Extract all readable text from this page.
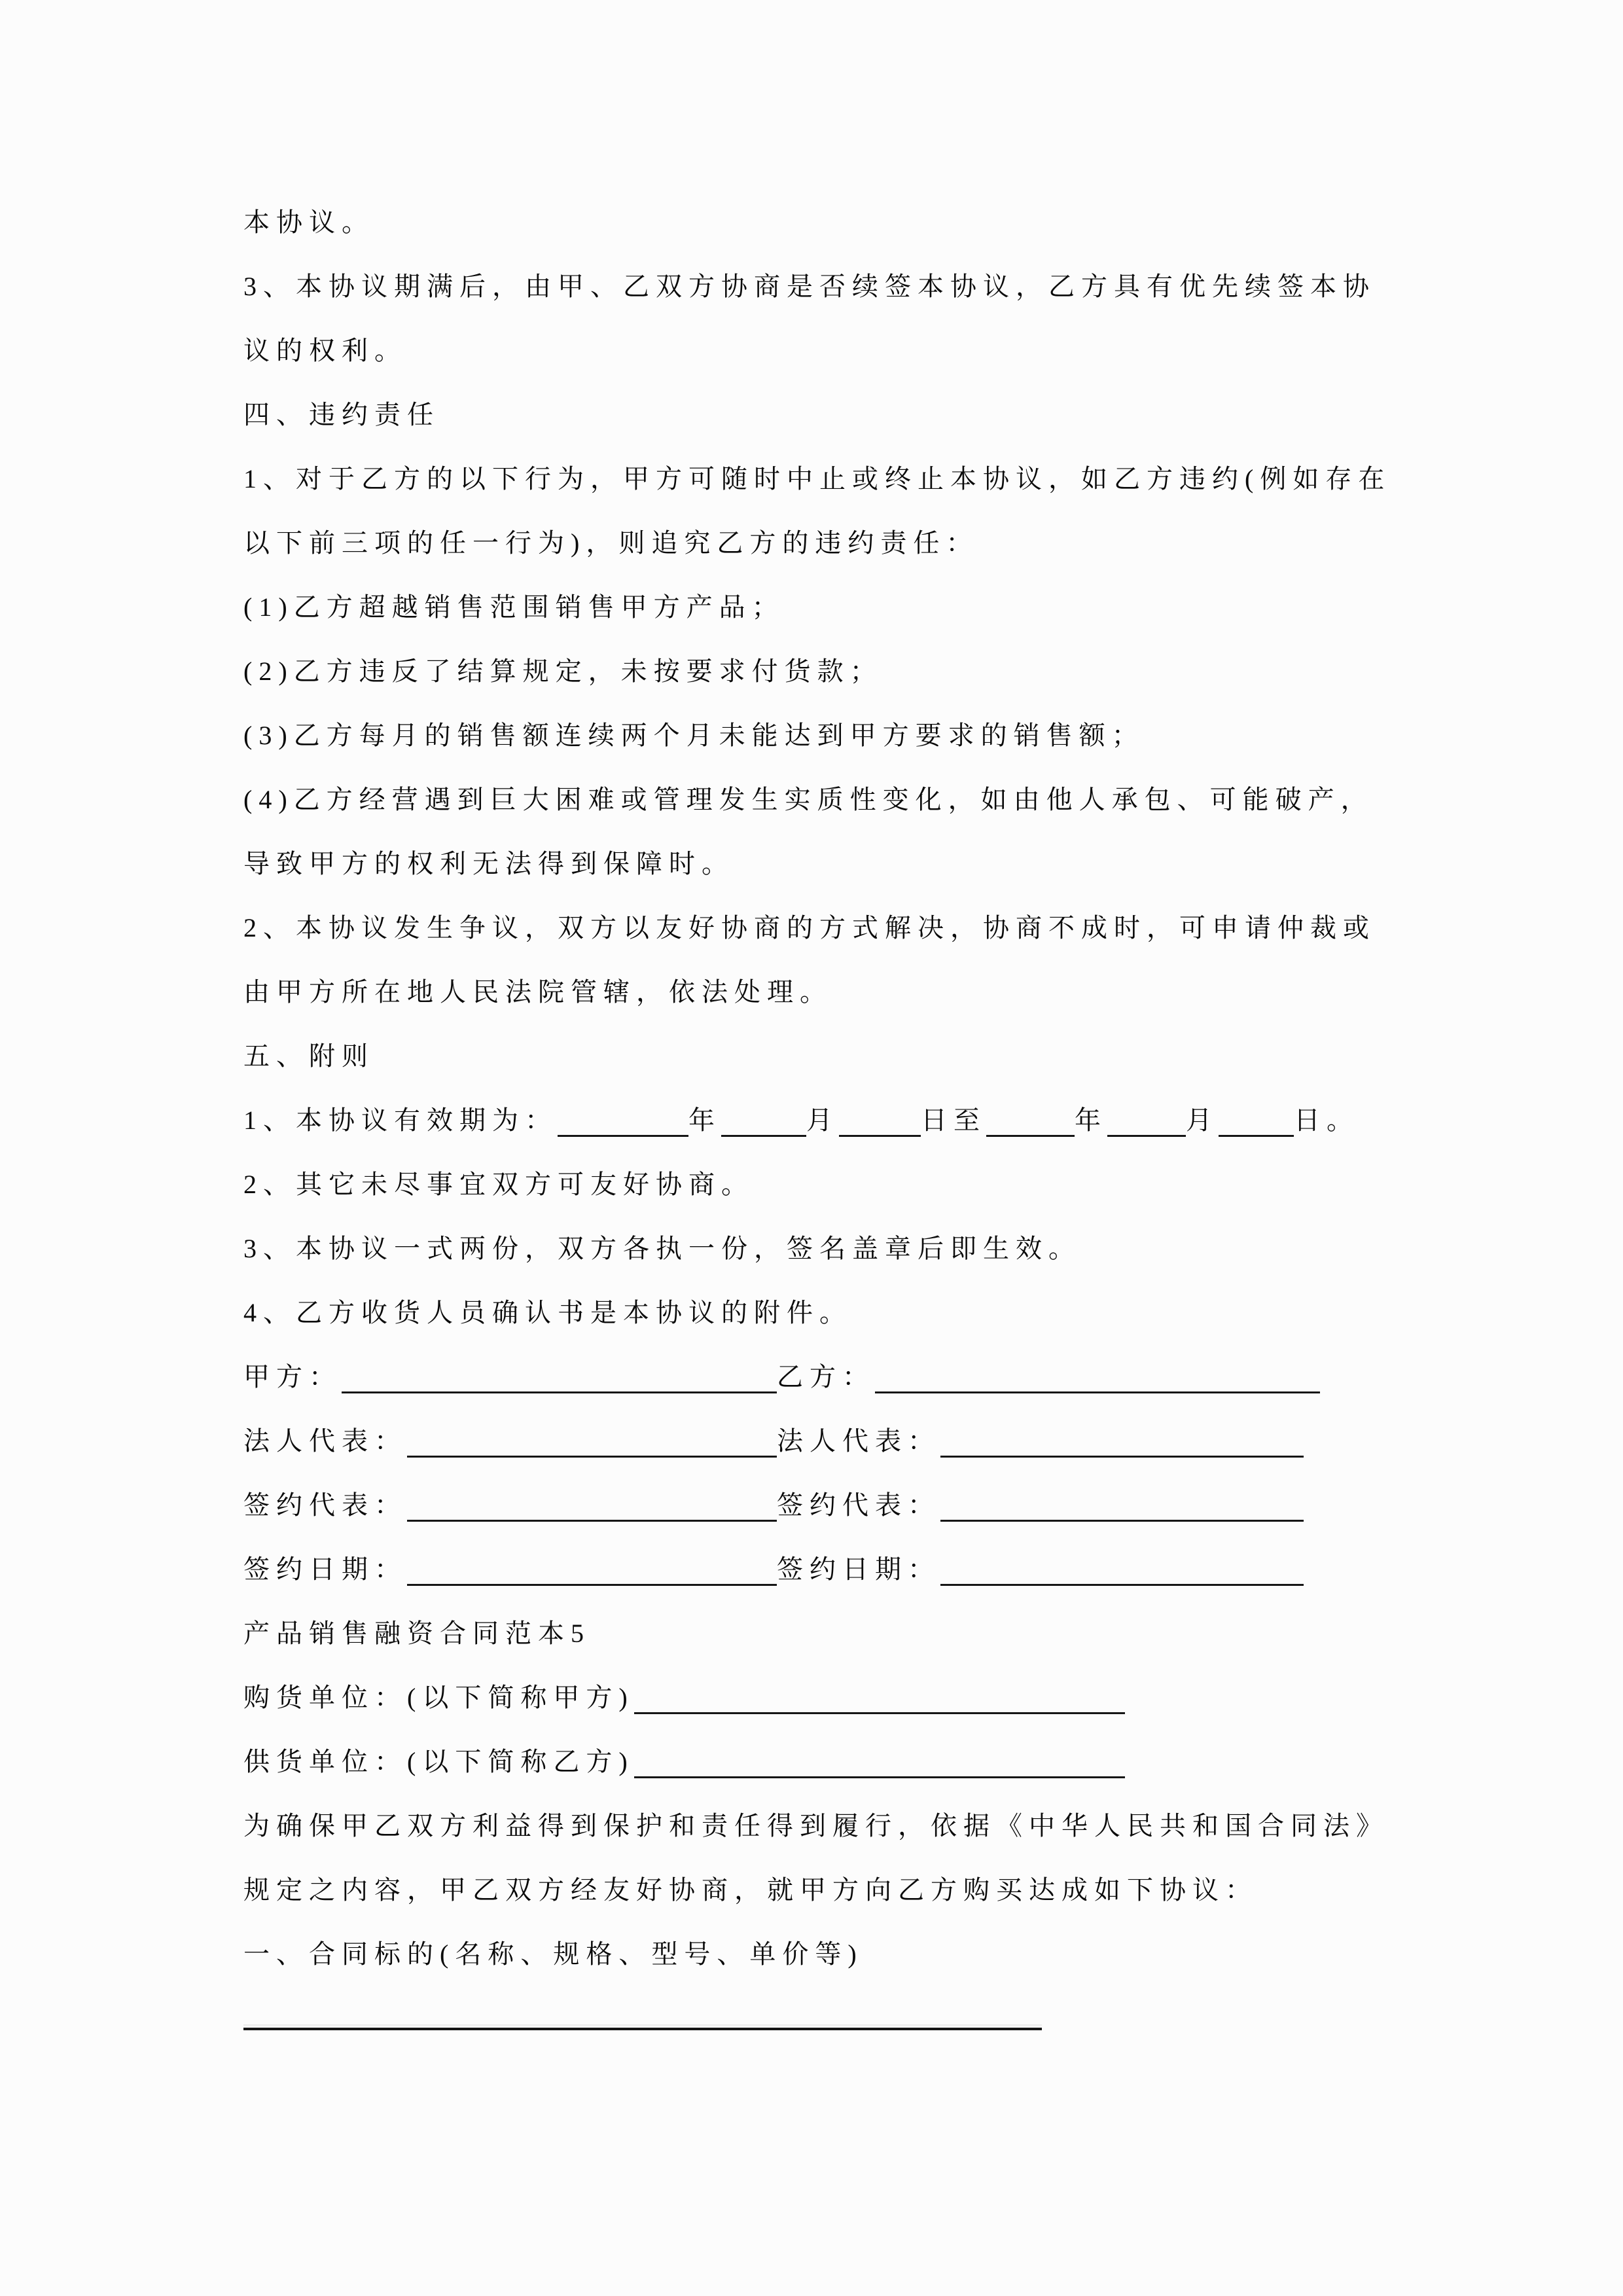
本协议。
3、本协议期满后，由甲、乙双方协商是否续签本协议，乙方具有优先续签本协
议的权利。
四、违约责任
1、对于乙方的以下行为，甲方可随时中止或终止本协议，如乙方违约(例如存在
以下前三项的任一行为)，则追究乙方的违约责任：
(1)乙方超越销售范围销售甲方产品；
(2)乙方违反了结算规定，未按要求付货款；
(3)乙方每月的销售额连续两个月未能达到甲方要求的销售额；
(4)乙方经营遇到巨大困难或管理发生实质性变化，如由他人承包、可能破产，
导致甲方的权利无法得到保障时。
2、本协议发生争议，双方以友好协商的方式解决，协商不成时，可申请仲裁或
由甲方所在地人民法院管辖，依法处理。
五、附则
1、本协议有效期为：	年	月	日至	年	月	日。
2、其它未尽事宜双方可友好协商。
3、本协议一式两份，双方各执一份，签名盖章后即生效。
4、乙方收货人员确认书是本协议的附件。
甲方：	乙方：
法人代表：	法人代表：
签约代表：	签约代表：
签约日期：	签约日期：
产品销售融资合同范本5
购货单位：(以下简称甲方)
供货单位：(以下简称乙方)
为确保甲乙双方利益得到保护和责任得到履行，依据《中华人民共和国合同法》
规定之内容，甲乙双方经友好协商，就甲方向乙方购买达成如下协议：
一、合同标的(名称、规格、型号、单价等)
